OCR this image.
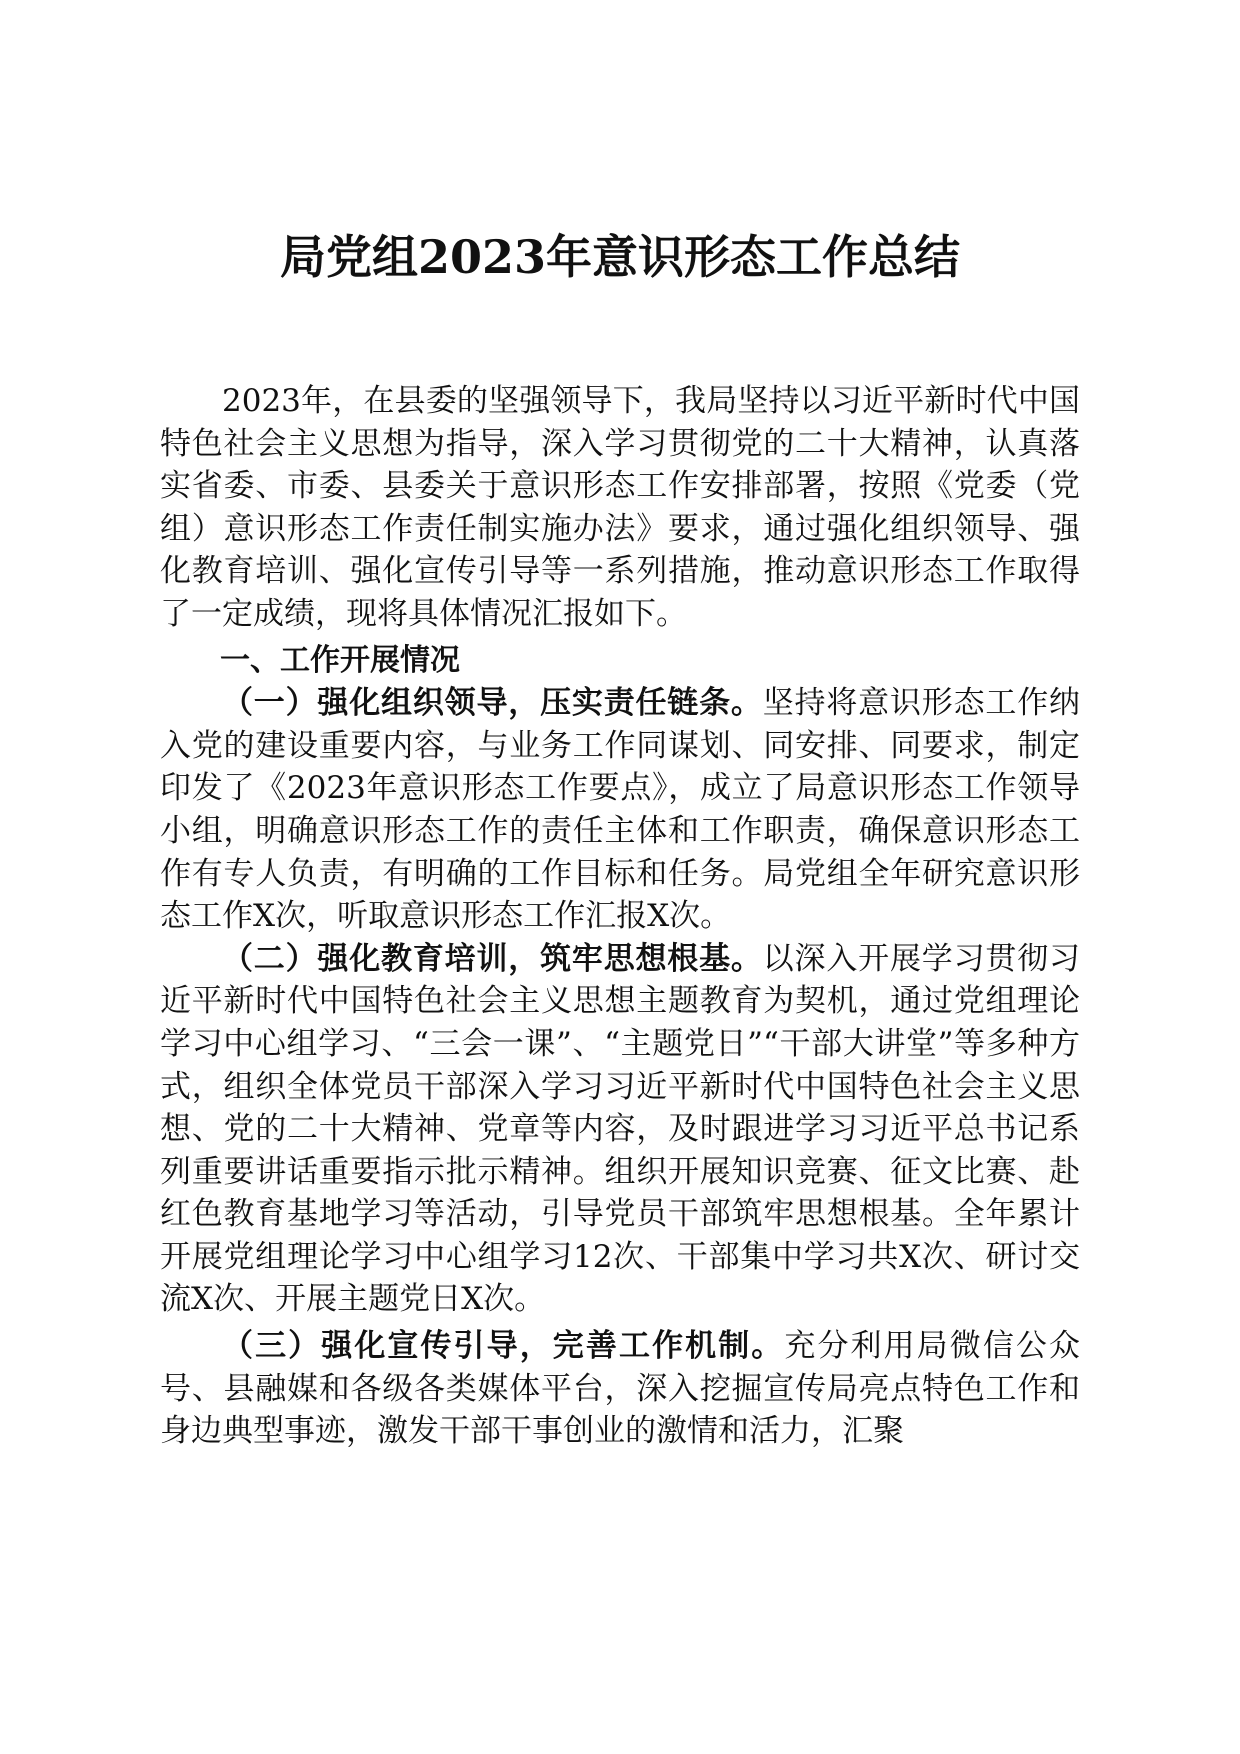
局党组2023年意识形态工作总结

2023年，在县委的坚强领导下，我局坚持以习近平新时代中国特色社会主义思想为指导，深入学习贯彻党的二十大精神，认真落实省委、市委、县委关于意识形态工作安排部署，按照《党委（党组）意识形态工作责任制实施办法》要求，通过强化组织领导、强化教育培训、强化宣传引导等一系列措施，推动意识形态工作取得了一定成绩，现将具体情况汇报如下。

一、工作开展情况

（一）强化组织领导，压实责任链条。坚持将意识形态工作纳入党的建设重要内容，与业务工作同谋划、同安排、同要求，制定印发了《2023年意识形态工作要点》，成立了局意识形态工作领导小组，明确意识形态工作的责任主体和工作职责，确保意识形态工作有专人负责，有明确的工作目标和任务。局党组全年研究意识形态工作X次，听取意识形态工作汇报X次。

（二）强化教育培训，筑牢思想根基。以深入开展学习贯彻习近平新时代中国特色社会主义思想主题教育为契机，通过党组理论学习中心组学习、“三会一课”、“主题党日”“干部大讲堂”等多种方式，组织全体党员干部深入学习习近平新时代中国特色社会主义思想、党的二十大精神、党章等内容，及时跟进学习习近平总书记系列重要讲话重要指示批示精神。组织开展知识竞赛、征文比赛、赴红色教育基地学习等活动，引导党员干部筑牢思想根基。全年累计开展党组理论学习中心组学习12次、干部集中学习共X次、研讨交流X次、开展主题党日X次。

（三）强化宣传引导，完善工作机制。充分利用局微信公众号、县融媒和各级各类媒体平台，深入挖掘宣传局亮点特色工作和身边典型事迹，激发干部干事创业的激情和活力，汇聚
